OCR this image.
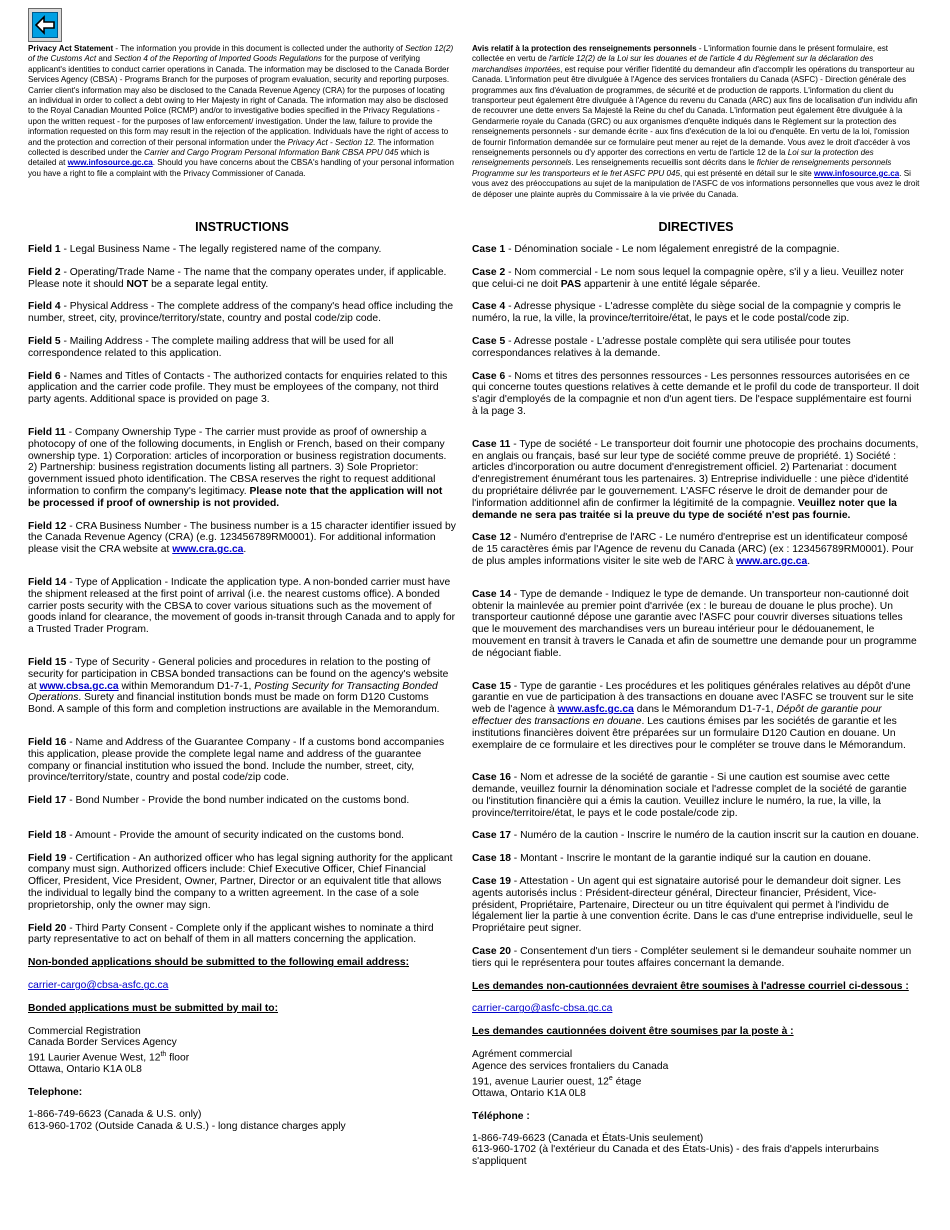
Privacy Act Statement - The information you provide in this document is collected under the authority of Section 12(2) of the Customs Act and Section 4 of the Reporting of Imported Goods Regulations for the purpose of verifying applicant's identities to conduct carrier operations in Canada. The information may be disclosed to the Canada Border Services Agency (CBSA) - Programs Branch for the purposes of program evaluation, security and reporting purposes. Carrier client's information may also be disclosed to the Canada Revenue Agency (CRA) for the purposes of locating an individual in order to collect a debt owing to Her Majesty in right of Canada. The information may also be disclosed to the Royal Canadian Mounted Police (RCMP) and/or to investigative bodies specified in the Privacy Regulations - upon the written request - for the purposes of law enforcement/ investigation. Under the law, failure to provide the information requested on this form may result in the rejection of the application. Individuals have the right of access to and the protection and correction of their personal information under the Privacy Act - Section 12. The information collected is described under the Carrier and Cargo Program Personal Information Bank CBSA PPU 045 which is detailed at www.infosource.gc.ca. Should you have concerns about the CBSA's handling of your personal information you have a right to file a complaint with the Privacy Commissioner of Canada.
INSTRUCTIONS
Field 1 - Legal Business Name - The legally registered name of the company.
Field 2 - Operating/Trade Name - The name that the company operates under, if applicable. Please note it should NOT be a separate legal entity.
Field 4 - Physical Address - The complete address of the company's head office including the number, street, city, province/territory/state, country and postal code/zip code.
Field 5 - Mailing Address - The complete mailing address that will be used for all correspondence related to this application.
Field 6 - Names and Titles of Contacts - The authorized contacts for enquiries related to this application and the carrier code profile. They must be employees of the company, not third party agents. Additional space is provided on page 3.
Field 11 - Company Ownership Type - The carrier must provide as proof of ownership a photocopy of one of the following documents, in English or French, based on their company ownership type. 1) Corporation: articles of incorporation or business registration documents. 2) Partnership: business registration documents listing all partners. 3) Sole Proprietor: government issued photo identification. The CBSA reserves the right to request additional information to confirm the company's legitimacy. Please note that the application will not be processed if proof of ownership is not provided.
Field 12 - CRA Business Number - The business number is a 15 character identifier issued by the Canada Revenue Agency (CRA) (e.g. 123456789RM0001). For additional information please visit the CRA website at www.cra.gc.ca.
Field 14 - Type of Application - Indicate the application type. A non-bonded carrier must have the shipment released at the first point of arrival (i.e. the nearest customs office). A bonded carrier posts security with the CBSA to cover various situations such as the movement of goods inland for clearance, the movement of goods in-transit through Canada and to apply for a Trusted Trader Program.
Field 15 - Type of Security - General policies and procedures in relation to the posting of security for participation in CBSA bonded transactions can be found on the agency's website at www.cbsa.gc.ca within Memorandum D1-7-1, Posting Security for Transacting Bonded Operations. Surety and financial institution bonds must be made on form D120 Customs Bond. A sample of this form and completion instructions are available in the Memorandum.
Field 16 - Name and Address of the Guarantee Company - If a customs bond accompanies this application, please provide the complete legal name and address of the guarantee company or financial institution who issued the bond. Include the number, street, city, province/territory/state, country and postal code/zip code.
Field 17 - Bond Number - Provide the bond number indicated on the customs bond.
Field 18 - Amount - Provide the amount of security indicated on the customs bond.
Field 19 - Certification - An authorized officer who has legal signing authority for the applicant company must sign. Authorized officers include: Chief Executive Officer, Chief Financial Officer, President, Vice President, Owner, Partner, Director or an equivalent title that allows the individual to legally bind the company to a written agreement. In the case of a sole proprietorship, only the owner may sign.
Field 20 - Third Party Consent - Complete only if the applicant wishes to nominate a third party representative to act on behalf of them in all matters concerning the application.
Non-bonded applications should be submitted to the following email address:
carrier-cargo@cbsa-asfc.gc.ca
Bonded applications must be submitted by mail to:
Commercial Registration
Canada Border Services Agency
191 Laurier Avenue West, 12th floor
Ottawa, Ontario K1A 0L8
Telephone:
1-866-749-6623 (Canada & U.S. only)
613-960-1702 (Outside Canada & U.S.) - long distance charges apply
Avis relatif à la protection des renseignements personnels - L'information fournie dans le présent formulaire, est collectée en vertu de l'article 12(2) de la Loi sur les douanes et de l'article 4 du Règlement sur la déclaration des marchandises importées, est requise pour vérifier l'identité du demandeur afin d'accomplir les opérations du transporteur au Canada. L'information peut être divulguée à l'Agence des services frontaliers du Canada (ASFC) - Direction générale des programmes aux fins d'évaluation de programmes, de sécurité et de production de rapports. L'information du client du transporteur peut également être divulguée à l'Agence du revenu du Canada (ARC) aux fins de localisation d'un individu afin de recouvrer une dette envers Sa Majesté la Reine du chef du Canada. L'information peut également être divulguée à la Gendarmerie royale du Canada (GRC) ou aux organismes d'enquête indiqués dans le Règlement sur la protection des renseignements personnels - sur demande écrite - aux fins d'exécution de la loi ou d'enquête. En vertu de la loi, l'omission de fournir l'information demandée sur ce formulaire peut mener au rejet de la demande. Vous avez le droit d'accéder à vos renseignements personnels ou d'y apporter des corrections en vertu de l'article 12 de la Loi sur la protection des renseignements personnels. Les renseignements recueillis sont décrits dans le fichier de renseignements personnels Programme sur les transporteurs et le fret ASFC PPU 045, qui est présenté en détail sur le site www.infosource.gc.ca. Si vous avez des préoccupations au sujet de la manipulation de l'ASFC de vos informations personnelles que vous avez le droit de déposer une plainte auprès du Commissaire à la vie privée du Canada.
DIRECTIVES
Case 1 - Dénomination sociale - Le nom légalement enregistré de la compagnie.
Case 2 - Nom commercial - Le nom sous lequel la compagnie opère, s'il y a lieu. Veuillez noter que celui-ci ne doit PAS appartenir à une entité légale séparée.
Case 4 - Adresse physique - L'adresse complète du siège social de la compagnie y compris le numéro, la rue, la ville, la province/territoire/état, le pays et le code postal/code zip.
Case 5 - Adresse postale - L'adresse postale complète qui sera utilisée pour toutes correspondances relatives à la demande.
Case 6 - Noms et titres des personnes ressources - Les personnes ressources autorisées en ce qui concerne toutes questions relatives à cette demande et le profil du code de transporteur. Il doit s'agir d'employés de la compagnie et non d'un agent tiers. De l'espace supplémentaire est fourni à la page 3.
Case 11 - Type de société - Le transporteur doit fournir une photocopie des prochains documents, en anglais ou français, basé sur leur type de société comme preuve de propriété. 1) Société : articles d'incorporation ou autre document d'enregistrement officiel. 2) Partenariat : document d'enregistrement énumérant tous les partenaires. 3) Entreprise individuelle : une pièce d'identité du propriétaire délivrée par le gouvernement. L'ASFC réserve le droit de demander pour de l'information additionnel afin de confirmer la légitimité de la compagnie. Veuillez noter que la demande ne sera pas traitée si la preuve du type de société n'est pas fournie.
Case 12 - Numéro d'entreprise de l'ARC - Le numéro d'entreprise est un identificateur composé de 15 caractères émis par l'Agence de revenu du Canada (ARC) (ex : 123456789RM0001). Pour de plus amples informations visiter le site web de l'ARC à www.arc.gc.ca.
Case 14 - Type de demande - Indiquez le type de demande. Un transporteur non-cautionné doit obtenir la mainlevée au premier point d'arrivée (ex : le bureau de douane le plus proche). Un transporteur cautionné dépose une garantie avec l'ASFC pour couvrir diverses situations telles que le mouvement des marchandises vers un bureau intérieur pour le dédouanement, le mouvement en transit à travers le Canada et afin de soumettre une demande pour un programme de négociant fiable.
Case 15 - Type de garantie - Les procédures et les politiques générales relatives au dépôt d'une garantie en vue de participation à des transactions en douane avec l'ASFC se trouvent sur le site web de l'agence à www.asfc.gc.ca dans le Mémorandum D1-7-1, Dépôt de garantie pour effectuer des transactions en douane. Les cautions émises par les sociétés de garantie et les institutions financières doivent être préparées sur un formulaire D120 Caution en douane. Un exemplaire de ce formulaire et les directives pour le compléter se trouve dans le Mémorandum.
Case 16 - Nom et adresse de la société de garantie - Si une caution est soumise avec cette demande, veuillez fournir la dénomination sociale et l'adresse complet de la société de garantie ou l'institution financière qui a émis la caution. Veuillez inclure le numéro, la rue, la ville, la province/territoire/état, le pays et le code postale/code zip.
Case 17 - Numéro de la caution - Inscrire le numéro de la caution inscrit sur la caution en douane.
Case 18 - Montant - Inscrire le montant de la garantie indiqué sur la caution en douane.
Case 19 - Attestation - Un agent qui est signataire autorisé pour le demandeur doit signer. Les agents autorisés inclus : Président-directeur général, Directeur financier, Président, Vice-président, Propriétaire, Partenaire, Directeur ou un titre équivalent qui permet à l'individu de légalement lier la partie à une convention écrite. Dans le cas d'une entreprise individuelle, seul le Propriétaire peut signer.
Case 20 - Consentement d'un tiers - Compléter seulement si le demandeur souhaite nommer un tiers qui le représentera pour toutes affaires concernant la demande.
Les demandes non-cautionnées devraient être soumises à l'adresse courriel ci-dessous :
carrier-cargo@asfc-cbsa.gc.ca
Les demandes cautionnées doivent être soumises par la poste à :
Agrément commercial
Agence des services frontaliers du Canada
191, avenue Laurier ouest, 12e étage
Ottawa, Ontario K1A 0L8
Téléphone :
1-866-749-6623 (Canada et États-Unis seulement)
613-960-1702 (à l'extérieur du Canada et des États-Unis) - des frais d'appels interurbains s'appliquent
